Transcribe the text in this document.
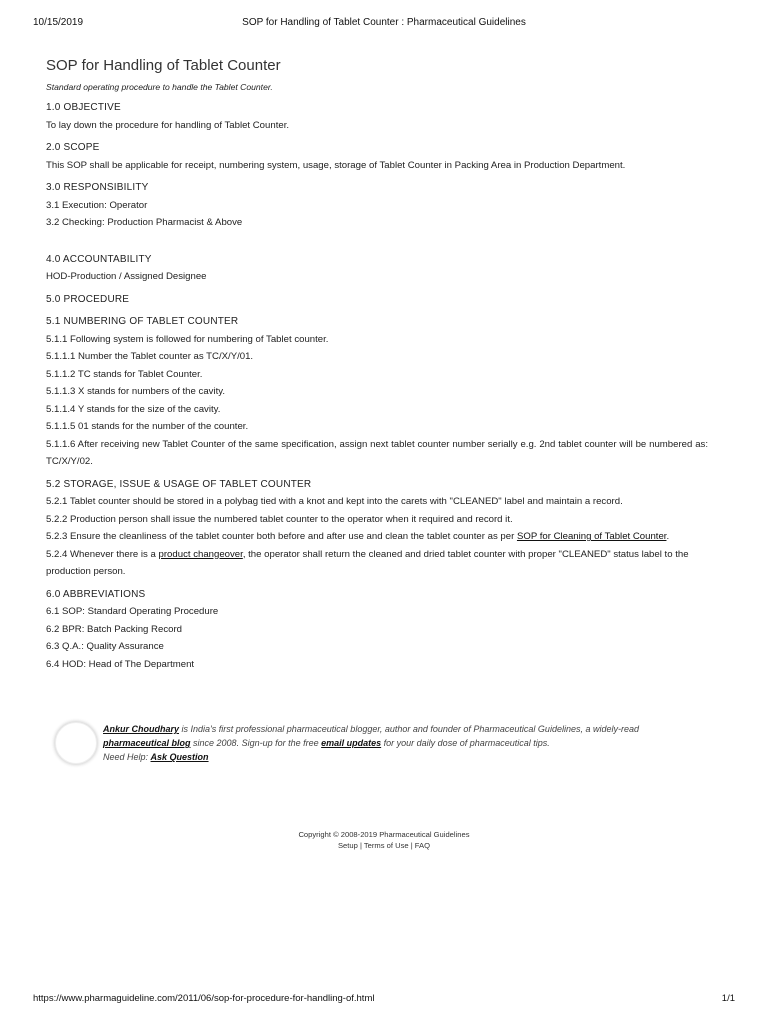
10/15/2019	SOP for Handling of Tablet Counter : Pharmaceutical Guidelines
SOP for Handling of Tablet Counter
Standard operating procedure to handle the Tablet Counter.
1.0 OBJECTIVE
To lay down the procedure for handling of Tablet Counter.
2.0 SCOPE
This SOP shall be applicable for receipt, numbering system, usage, storage of Tablet Counter in Packing Area in Production Department.
3.0 RESPONSIBILITY
3.1 Execution: Operator
3.2 Checking: Production Pharmacist & Above
4.0 ACCOUNTABILITY
HOD-Production / Assigned Designee
5.0 PROCEDURE
5.1 NUMBERING OF TABLET COUNTER
5.1.1 Following system is followed for numbering of Tablet counter.
5.1.1.1 Number the Tablet counter as TC/X/Y/01.
5.1.1.2 TC stands for Tablet Counter.
5.1.1.3 X stands for numbers of the cavity.
5.1.1.4 Y stands for the size of the cavity.
5.1.1.5 01 stands for the number of the counter.
5.1.1.6 After receiving new Tablet Counter of the same specification, assign next tablet counter number serially e.g. 2nd tablet counter will be numbered as: TC/X/Y/02.
5.2 STORAGE, ISSUE & USAGE OF TABLET COUNTER
5.2.1 Tablet counter should be stored in a polybag tied with a knot and kept into the carets with "CLEANED" label and maintain a record.
5.2.2 Production person shall issue the numbered tablet counter to the operator when it required and record it.
5.2.3 Ensure the cleanliness of the tablet counter both before and after use and clean the tablet counter as per SOP for Cleaning of Tablet Counter.
5.2.4 Whenever there is a product changeover, the operator shall return the cleaned and dried tablet counter with proper "CLEANED" status label to the production person.
6.0 ABBREVIATIONS
6.1 SOP: Standard Operating Procedure
6.2 BPR: Batch Packing Record
6.3 Q.A.: Quality Assurance
6.4 HOD: Head of The Department
Ankur Choudhary is India's first professional pharmaceutical blogger, author and founder of Pharmaceutical Guidelines, a widely-read
pharmaceutical blog since 2008. Sign-up for the free email updates for your daily dose of pharmaceutical tips.
Need Help: Ask Question
Copyright © 2008-2019 Pharmaceutical Guidelines
Setup | Terms of Use | FAQ
https://www.pharmaguideline.com/2011/06/sop-for-procedure-for-handling-of.html	1/1
